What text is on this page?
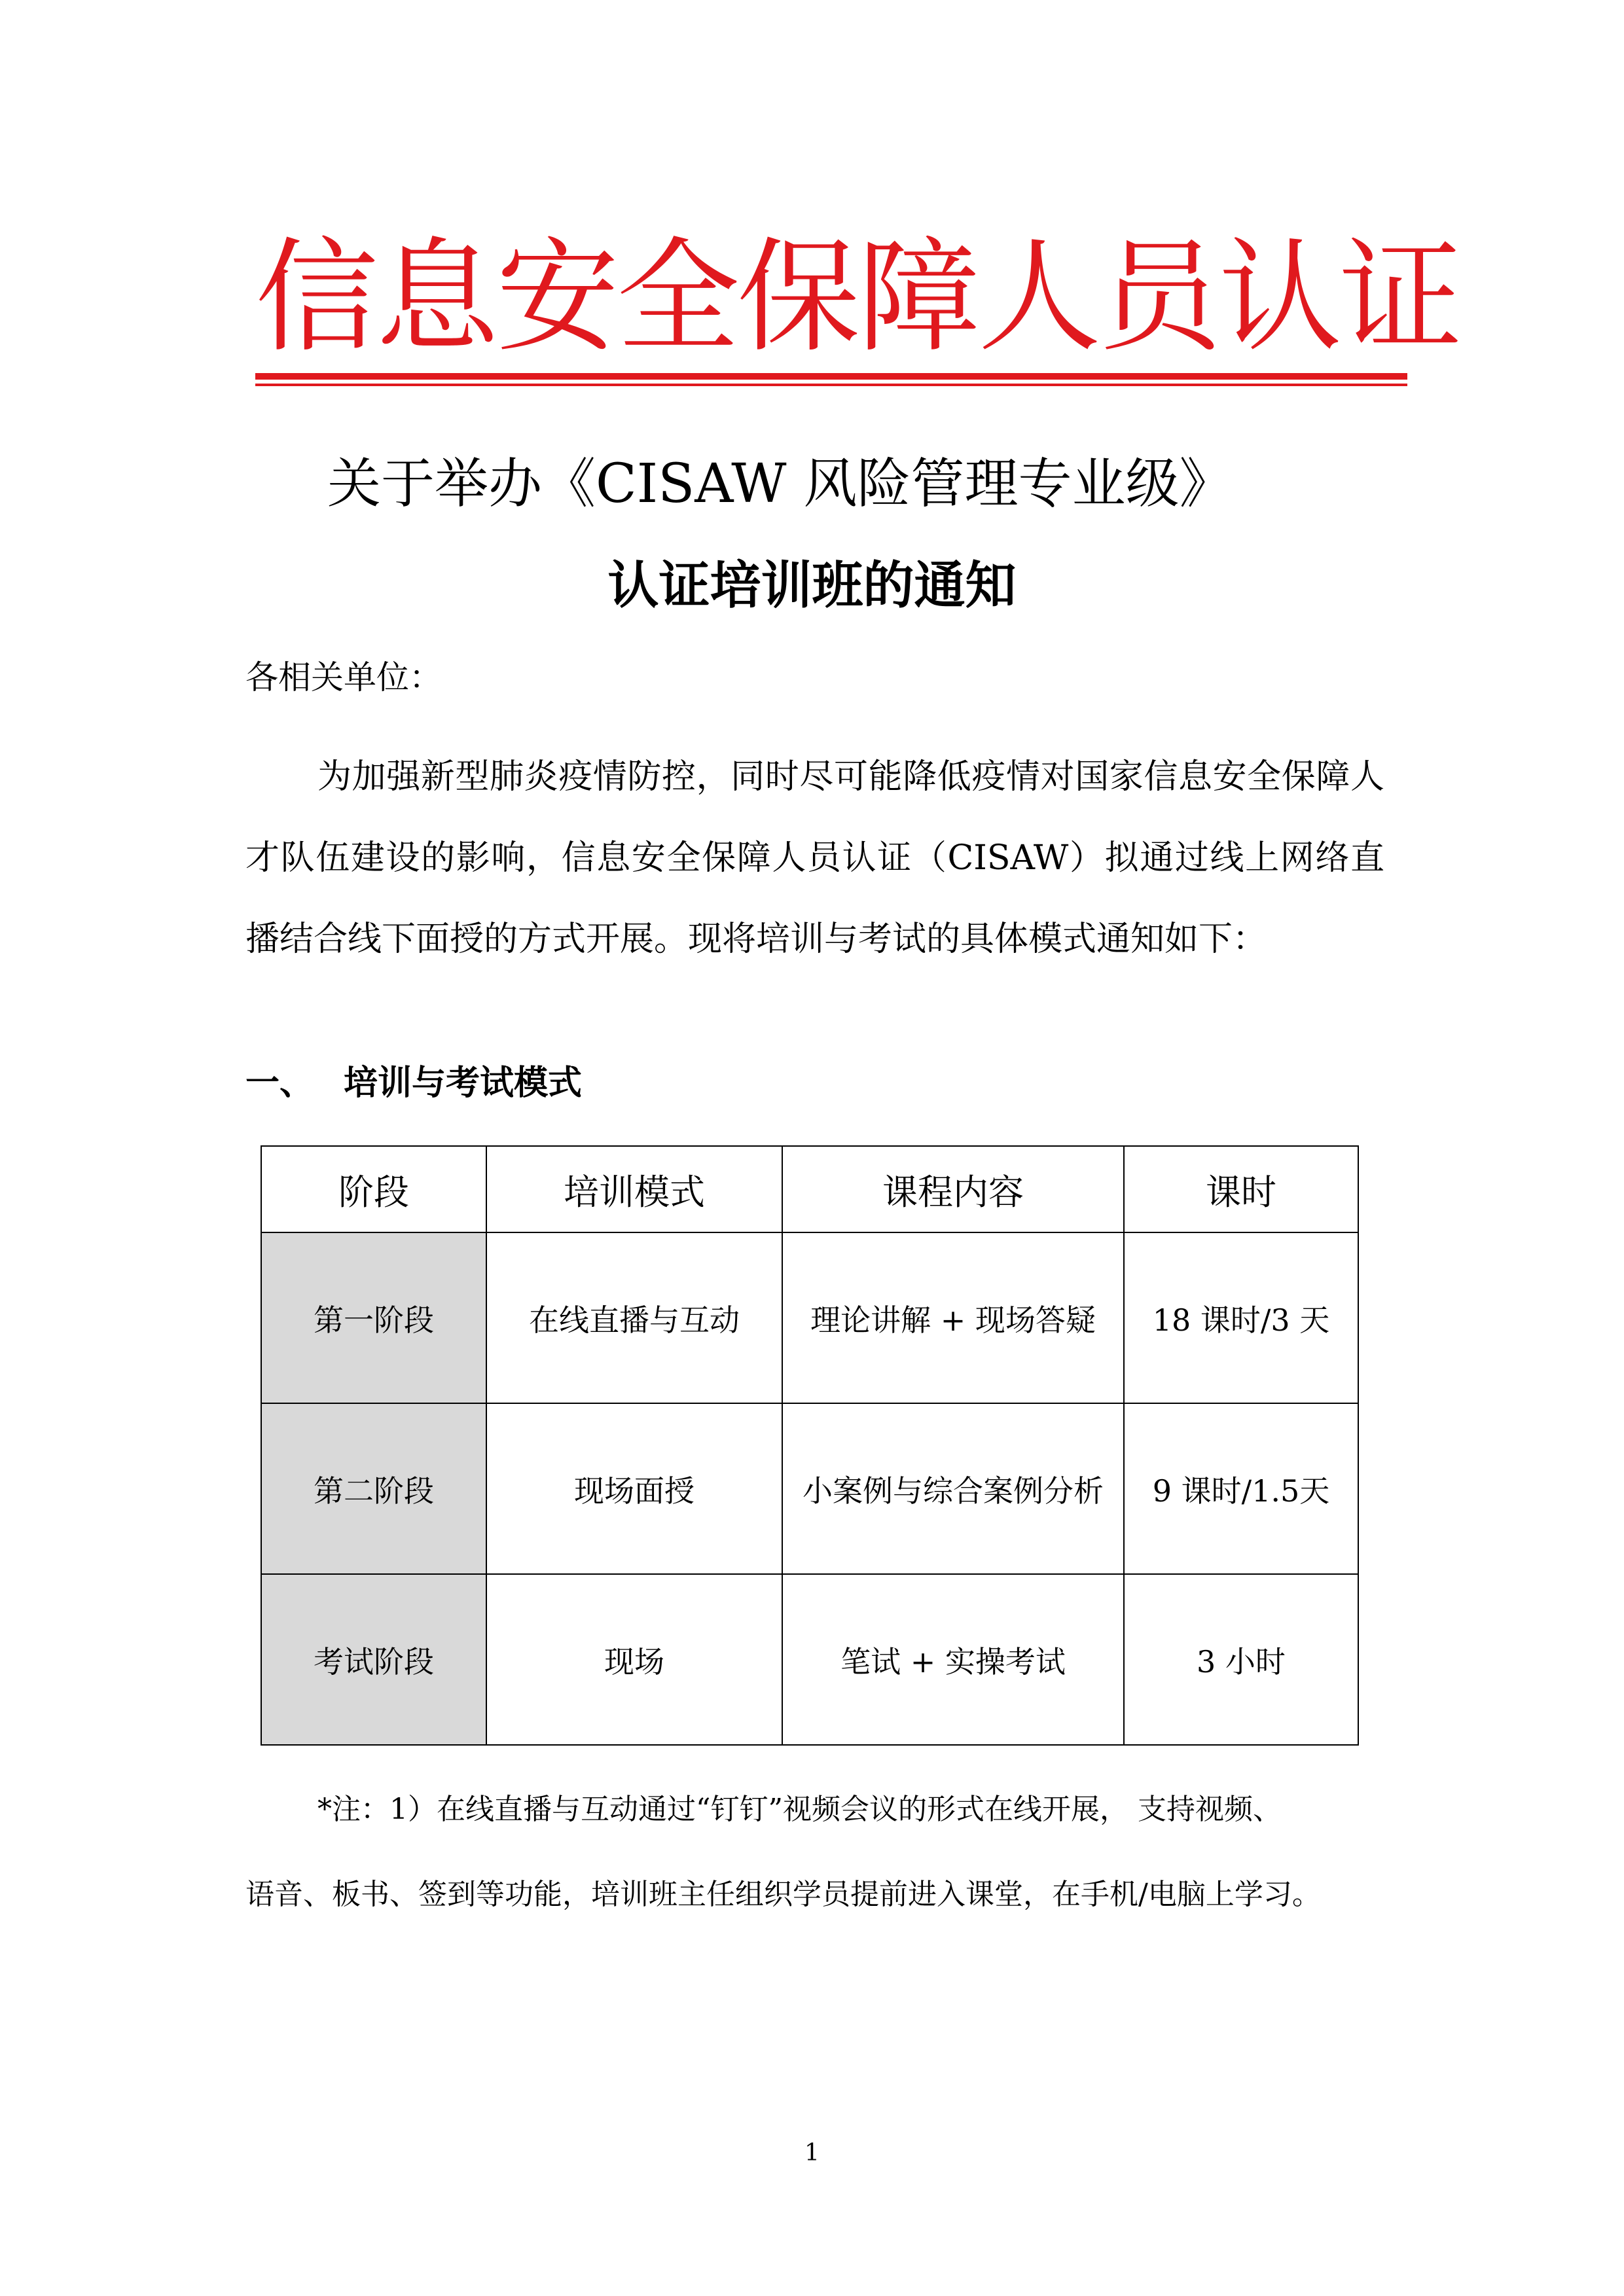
信息安全保障人员认证
关于举办《CISAW 风险管理专业级》
认证培训班的通知
各相关单位：
为加强新型肺炎疫情防控，同时尽可能降低疫情对国家信息安全保障人才队伍建设的影响，信息安全保障人员认证（CISAW）拟通过线上网络直播结合线下面授的方式开展。现将培训与考试的具体模式通知如下：
一、 培训与考试模式
阶段	培训模式	课程内容	课时
第一阶段	在线直播与互动	理论讲解 + 现场答疑	18 课时/3 天
第二阶段	现场面授	小案例与综合案例分析	9 课时/1.5天
考试阶段	现场	笔试 + 实操考试	3 小时
*注：1）在线直播与互动通过“钉钉”视频会议的形式在线开展， 支持视频、
语音、板书、签到等功能，培训班主任组织学员提前进入课堂，在手机/电脑上学习。
1
